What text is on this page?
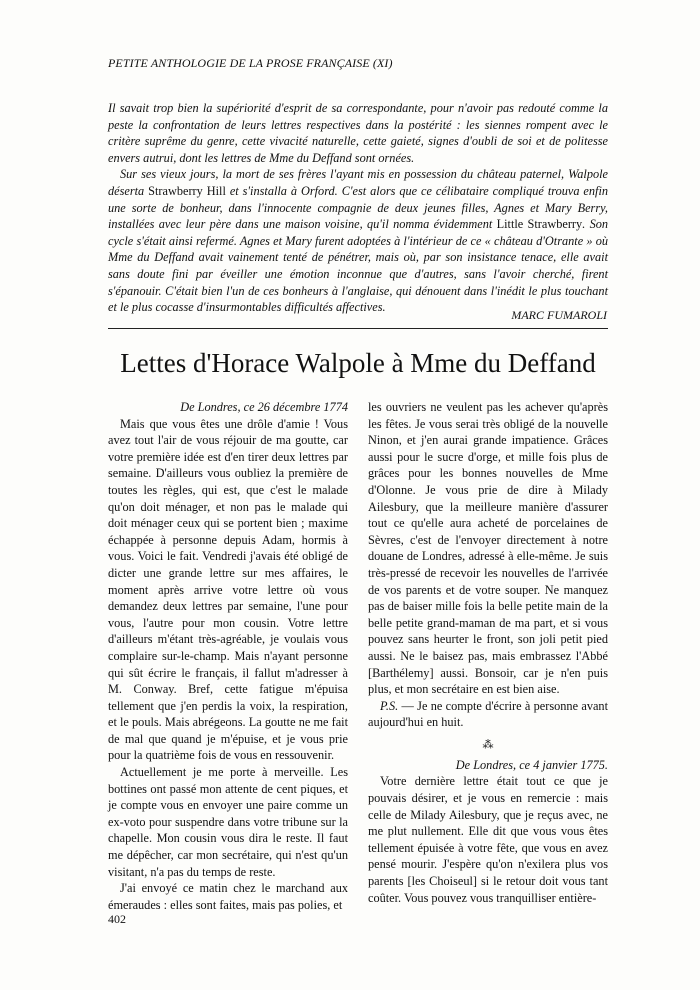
PETITE ANTHOLOGIE DE LA PROSE FRANÇAISE (XI)

Il savait trop bien la supériorité d'esprit de sa correspondante, pour n'avoir pas redouté comme la peste la confrontation de leurs lettres respectives dans la postérité : les siennes rompent avec le critère suprême du genre, cette vivacité naturelle, cette gaieté, signes d'oubli de soi et de politesse envers autrui, dont les lettres de Mme du Deffand sont ornées.

Sur ses vieux jours, la mort de ses frères l'ayant mis en possession du château paternel, Walpole déserta Strawberry Hill et s'installa à Orford. C'est alors que ce célibataire compliqué trouva enfin une sorte de bonheur, dans l'innocente compagnie de deux jeunes filles, Agnes et Mary Berry, installées avec leur père dans une maison voisine, qu'il nomma évidemment Little Strawberry. Son cycle s'était ainsi refermé. Agnes et Mary furent adoptées à l'intérieur de ce « château d'Otrante » où Mme du Deffand avait vainement tenté de pénétrer, mais où, par son insistance tenace, elle avait sans doute fini par éveiller une émotion inconnue que d'autres, sans l'avoir cherché, firent s'épanouir. C'était bien l'un de ces bonheurs à l'anglaise, qui dénouent dans l'inédit le plus touchant et le plus cocasse d'insurmontables difficultés affectives.

MARC FUMAROLI
Lettes d'Horace Walpole à Mme du Deffand

De Londres, ce 26 décembre 1774

Mais que vous êtes une drôle d'amie ! Vous avez tout l'air de vous réjouir de ma goutte, car votre première idée est d'en tirer deux lettres par semaine. D'ailleurs vous oubliez la première de toutes les règles, qui est, que c'est le malade qu'on doit ménager, et non pas le malade qui doit ménager ceux qui se portent bien ; maxime échappée à personne depuis Adam, hormis à vous. Voici le fait. Vendredi j'avais été obligé de dicter une grande lettre sur mes affaires, le moment après arrive votre lettre où vous demandez deux lettres par semaine, l'une pour vous, l'autre pour mon cousin. Votre lettre d'ailleurs m'étant très-agréable, je voulais vous complaire sur-le-champ. Mais n'ayant personne qui sût écrire le français, il fallut m'adresser à M. Conway. Bref, cette fatigue m'épuisa tellement que j'en perdis la voix, la respiration, et le pouls. Mais abrégeons. La goutte ne me fait de mal que quand je m'épuise, et je vous prie pour la quatrième fois de vous en ressouvenir.

Actuellement je me porte à merveille. Les bottines ont passé mon attente de cent piques, et je compte vous en envoyer une paire comme un ex-voto pour suspendre dans votre tribune sur la chapelle. Mon cousin vous dira le reste. Il faut me dépêcher, car mon secrétaire, qui n'est qu'un visitant, n'a pas du temps de reste.

J'ai envoyé ce matin chez le marchand aux émeraudes : elles sont faites, mais pas polies, et

les ouvriers ne veulent pas les achever qu'après les fêtes. Je vous serai très obligé de la nouvelle Ninon, et j'en aurai grande impatience. Grâces aussi pour le sucre d'orge, et mille fois plus de grâces pour les bonnes nouvelles de Mme d'Olonne. Je vous prie de dire à Milady Ailesbury, que la meilleure manière d'assurer tout ce qu'elle aura acheté de porcelaines de Sèvres, c'est de l'envoyer directement à notre douane de Londres, adressé à elle-même. Je suis très-pressé de recevoir les nouvelles de l'arrivée de vos parents et de votre souper. Ne manquez pas de baiser mille fois la belle petite main de la belle petite grand-maman de ma part, et si vous pouvez sans heurter le front, son joli petit pied aussi. Ne le baisez pas, mais embrassez l'Abbé [Barthélemy] aussi. Bonsoir, car je n'en puis plus, et mon secrétaire en est bien aise.

P.S. — Je ne compte d'écrire à personne avant aujourd'hui en huit.

⁂

De Londres, ce 4 janvier 1775.

Votre dernière lettre était tout ce que je pouvais désirer, et je vous en remercie : mais celle de Milady Ailesbury, que je reçus avec, ne me plut nullement. Elle dit que vous vous êtes tellement épuisée à votre fête, que vous en avez pensé mourir. J'espère qu'on n'exilera plus vos parents [les Choiseul] si le retour doit vous tant coûter. Vous pouvez vous tranquilliser entière-

402
